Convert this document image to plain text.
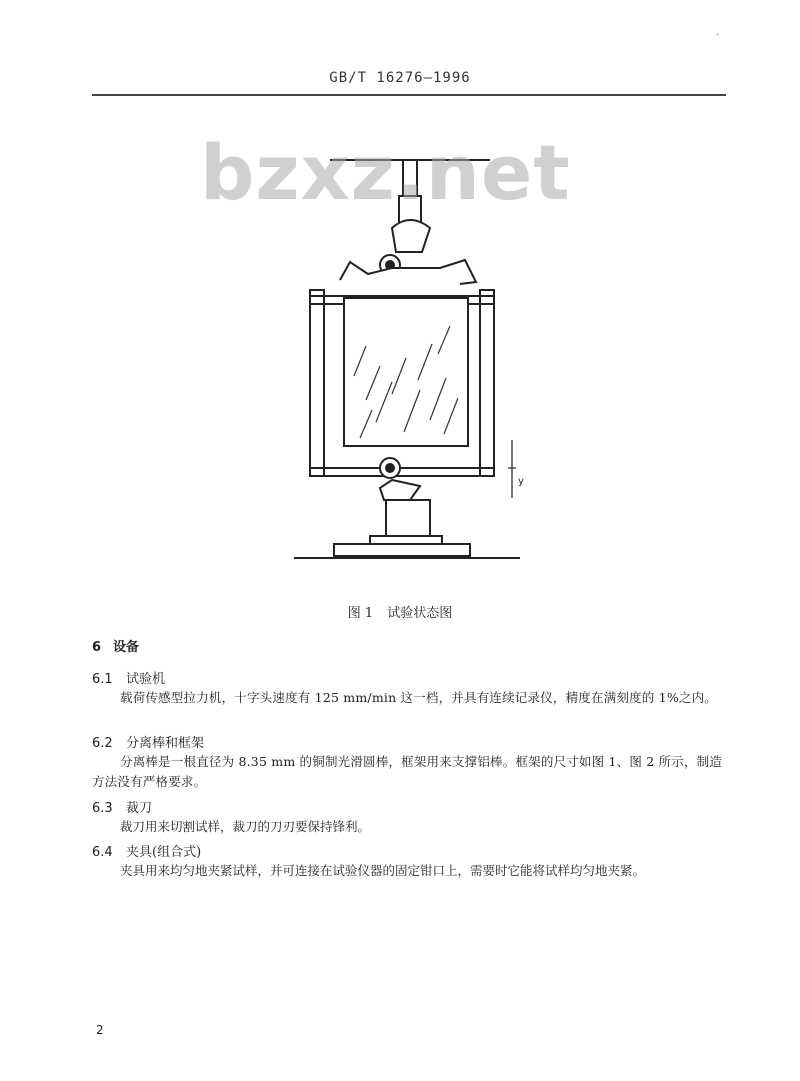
·
GB/T 16276—1996
y
bzxz.net
图 1 试验状态图
6 设备
6.1 试验机

载荷传感型拉力机，十字头速度有 125 mm/min 这一档，并具有连续记录仪，精度在满刻度的 1%之内。

6.2 分离棒和框架

分离棒是一根直径为 8.35 mm 的铜制光滑圆棒，框架用来支撑铝棒。框架的尺寸如图 1、图 2 所示，制造方法没有严格要求。

6.3 裁刀

裁刀用来切割试样，裁刀的刀刃要保持锋利。

6.4 夹具(组合式)

夹具用来均匀地夹紧试样，并可连接在试验仪器的固定钳口上，需要时它能将试样均匀地夹紧。

2
